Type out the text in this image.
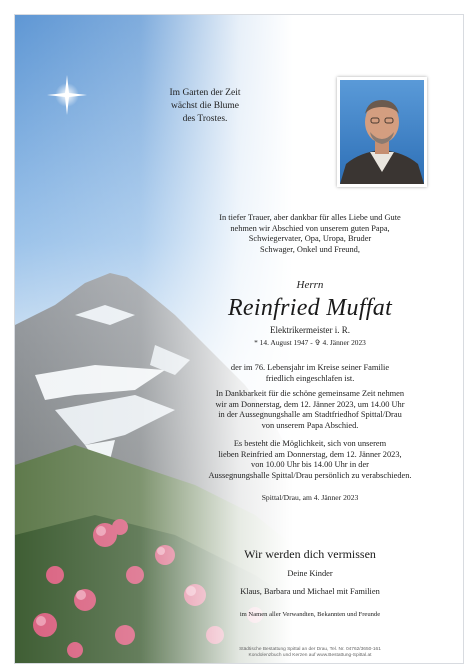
Im Garten der Zeit
wächst die Blume
des Trostes.
In tiefer Trauer, aber dankbar für alles Liebe und Gute
nehmen wir Abschied von unserem guten Papa,
Schwiegervater, Opa, Uropa, Bruder
Schwager, Onkel und Freund,
Herrn
Reinfried Muffat
Elektrikermeister i. R.
* 14. August 1947 - ✞ 4. Jänner 2023
der im 76. Lebensjahr im Kreise seiner Familie
friedlich eingeschlafen ist.
In Dankbarkeit für die schöne gemeinsame Zeit nehmen
wir am Donnerstag, dem 12. Jänner 2023, um 14.00 Uhr
in der Aussegnungshalle am Stadtfriedhof Spittal/Drau
von unserem Papa Abschied.
Es besteht die Möglichkeit, sich von unserem
lieben Reinfried am Donnerstag, dem 12. Jänner 2023,
von 10.00 Uhr bis 14.00 Uhr in der
Aussegnungshalle Spittal/Drau persönlich zu verabschieden.
Spittal/Drau, am 4. Jänner 2023
Wir werden dich vermissen
Deine Kinder
Klaus, Barbara und Michael mit Familien
im Namen aller Verwandten, Bekannten und Freunde
Städtische Bestattung Spittal an der Drau, Tel. Nr. 04762/3650-161
Kondolenzbuch und Kerzen auf www.Bestattung-Spittal.at
